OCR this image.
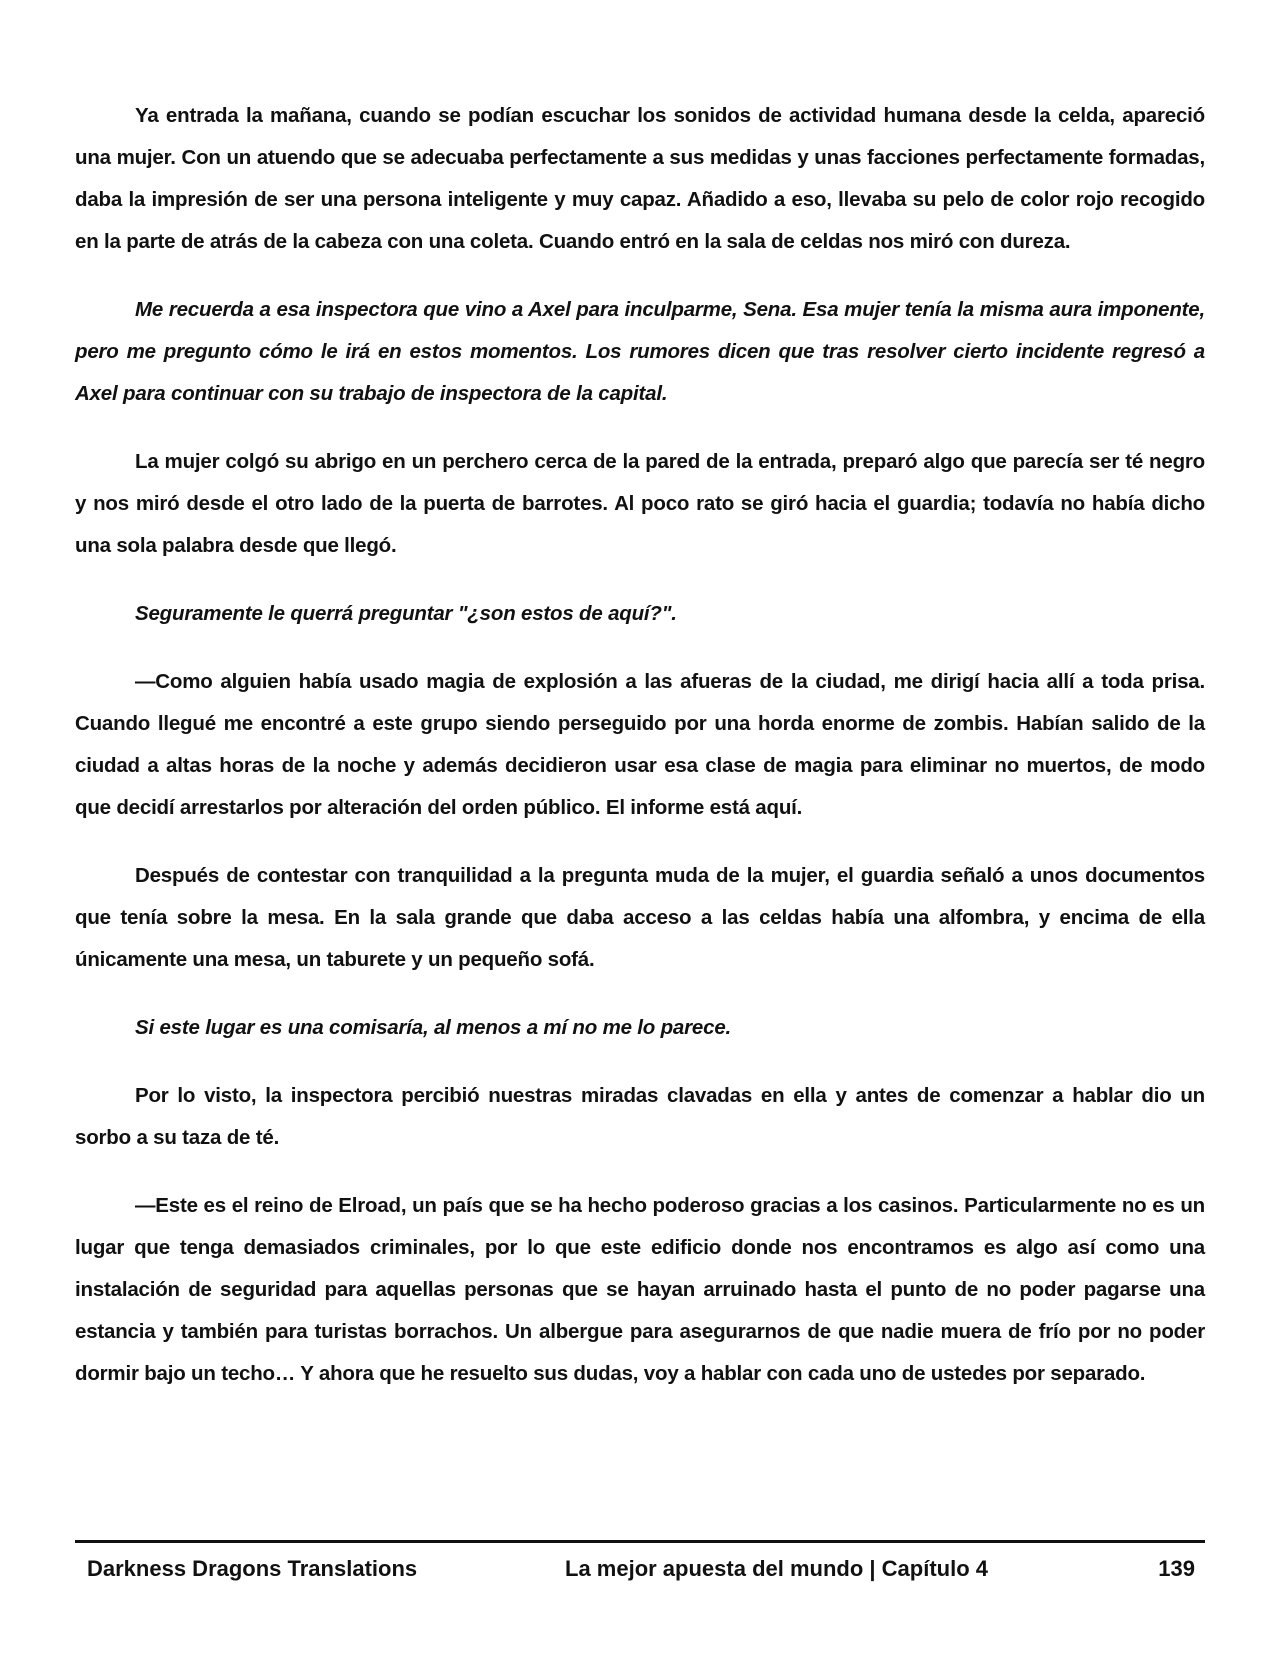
Ya entrada la mañana, cuando se podían escuchar los sonidos de actividad humana desde la celda, apareció una mujer. Con un atuendo que se adecuaba perfectamente a sus medidas y unas facciones perfectamente formadas, daba la impresión de ser una persona inteligente y muy capaz. Añadido a eso, llevaba su pelo de color rojo recogido en la parte de atrás de la cabeza con una coleta. Cuando entró en la sala de celdas nos miró con dureza.

Me recuerda a esa inspectora que vino a Axel para inculparme, Sena. Esa mujer tenía la misma aura imponente, pero me pregunto cómo le irá en estos momentos. Los rumores dicen que tras resolver cierto incidente regresó a Axel para continuar con su trabajo de inspectora de la capital.

La mujer colgó su abrigo en un perchero cerca de la pared de la entrada, preparó algo que parecía ser té negro y nos miró desde el otro lado de la puerta de barrotes. Al poco rato se giró hacia el guardia; todavía no había dicho una sola palabra desde que llegó.

Seguramente le querrá preguntar "¿son estos de aquí?".

—Como alguien había usado magia de explosión a las afueras de la ciudad, me dirigí hacia allí a toda prisa. Cuando llegué me encontré a este grupo siendo perseguido por una horda enorme de zombis. Habían salido de la ciudad a altas horas de la noche y además decidieron usar esa clase de magia para eliminar no muertos, de modo que decidí arrestarlos por alteración del orden público. El informe está aquí.

Después de contestar con tranquilidad a la pregunta muda de la mujer, el guardia señaló a unos documentos que tenía sobre la mesa. En la sala grande que daba acceso a las celdas había una alfombra, y encima de ella únicamente una mesa, un taburete y un pequeño sofá.

Si este lugar es una comisaría, al menos a mí no me lo parece.

Por lo visto, la inspectora percibió nuestras miradas clavadas en ella y antes de comenzar a hablar dio un sorbo a su taza de té.

—Este es el reino de Elroad, un país que se ha hecho poderoso gracias a los casinos. Particularmente no es un lugar que tenga demasiados criminales, por lo que este edificio donde nos encontramos es algo así como una instalación de seguridad para aquellas personas que se hayan arruinado hasta el punto de no poder pagarse una estancia y también para turistas borrachos. Un albergue para asegurarnos de que nadie muera de frío por no poder dormir bajo un techo… Y ahora que he resuelto sus dudas, voy a hablar con cada uno de ustedes por separado.

Darkness Dragons Translations	La mejor apuesta del mundo | Capítulo 4	139
